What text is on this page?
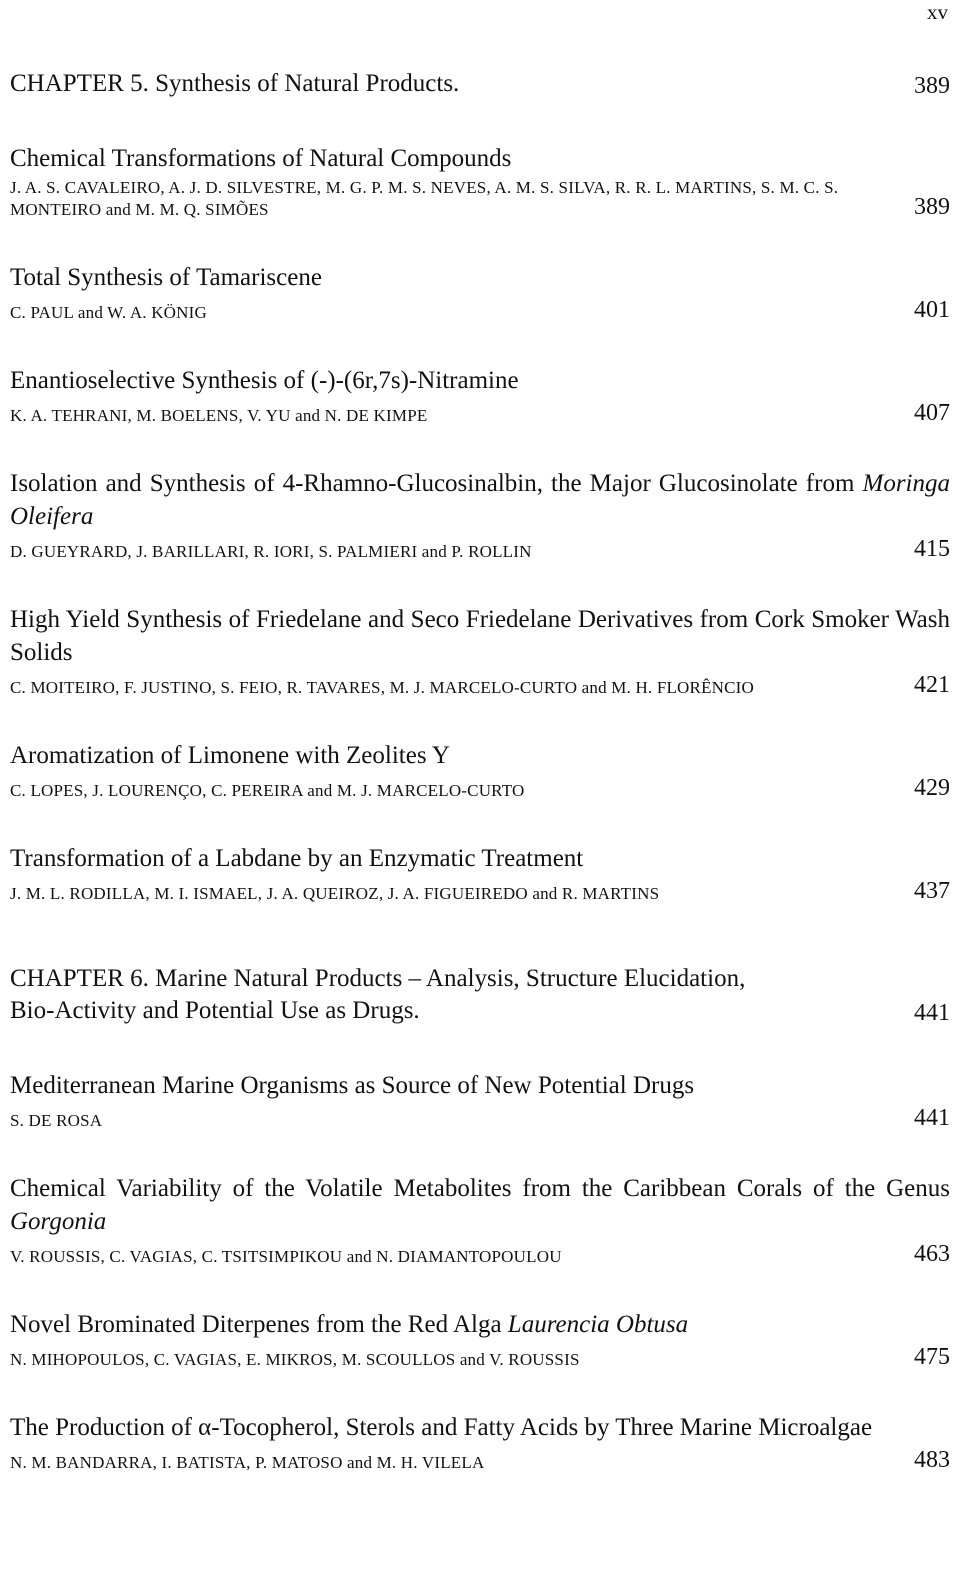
xv
CHAPTER 5. Synthesis of Natural Products.	389
Chemical Transformations of Natural Compounds
J. A. S. CAVALEIRO, A. J. D. SILVESTRE, M. G. P. M. S. NEVES, A. M. S. SILVA, R. R. L. MARTINS, S. M. C. S. MONTEIRO and M. M. Q. SIMÕES	389
Total Synthesis of Tamariscene
C. PAUL and W. A. KÖNIG	401
Enantioselective Synthesis of (-)-(6r,7s)-Nitramine
K. A. TEHRANI, M. BOELENS, V. YU and N. DE KIMPE	407
Isolation and Synthesis of 4-Rhamno-Glucosinalbin, the Major Glucosinolate from Moringa Oleifera
D. GUEYRARD, J. BARILLARI, R. IORI, S. PALMIERI and P. ROLLIN	415
High Yield Synthesis of Friedelane and Seco Friedelane Derivatives from Cork Smoker Wash Solids
C. MOITEIRO, F. JUSTINO, S. FEIO, R. TAVARES, M. J. MARCELO-CURTO and M. H. FLORÊNCIO	421
Aromatization of Limonene with Zeolites Y
C. LOPES, J. LOURENÇO, C. PEREIRA and M. J. MARCELO-CURTO	429
Transformation of a Labdane by an Enzymatic Treatment
J. M. L. RODILLA, M. I. ISMAEL, J. A. QUEIROZ, J. A. FIGUEIREDO and R. MARTINS	437
CHAPTER 6. Marine Natural Products – Analysis, Structure Elucidation, Bio-Activity and Potential Use as Drugs.	441
Mediterranean Marine Organisms as Source of New Potential Drugs
S. DE ROSA	441
Chemical Variability of the Volatile Metabolites from the Caribbean Corals of the Genus Gorgonia
V. ROUSSIS, C. VAGIAS, C. TSITSIMPIKOU and N. DIAMANTOPOULOU	463
Novel Brominated Diterpenes from the Red Alga Laurencia Obtusa
N. MIHOPOULOS, C. VAGIAS, E. MIKROS, M. SCOULLOS and V. ROUSSIS	475
The Production of α-Tocopherol, Sterols and Fatty Acids by Three Marine Microalgae
N. M. BANDARRA, I. BATISTA, P. MATOSO and M. H. VILELA	483
